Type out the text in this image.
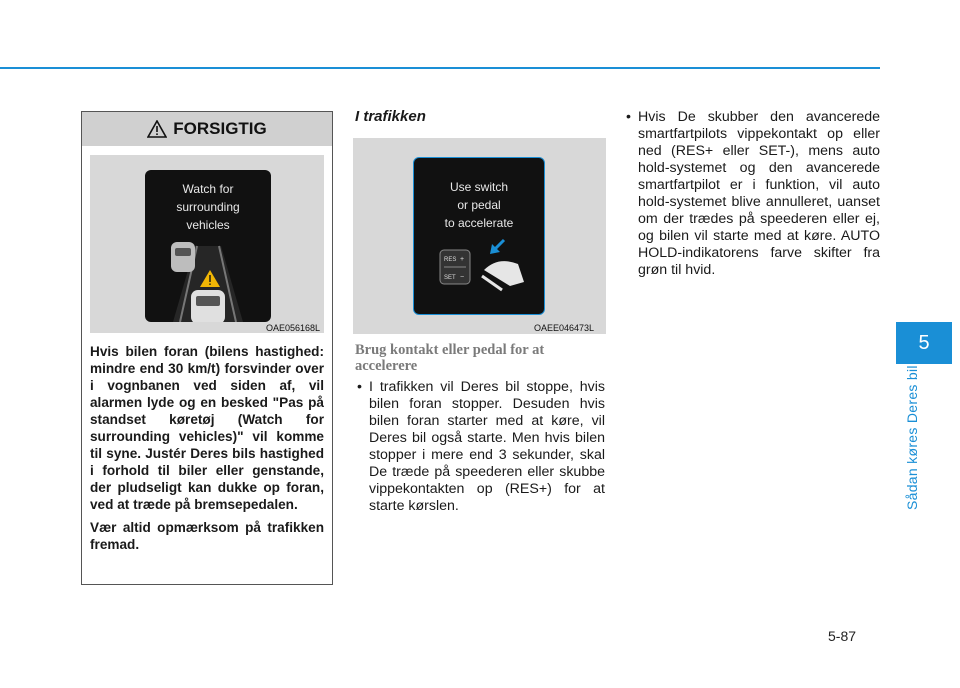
FORSIGTIG
Watch for
surrounding
vehicles
OAE056168L

Hvis bilen foran (bilens hastighed: mindre end 30 km/t) forsvinder over i vognbanen ved siden af, vil alarmen lyde og en besked "Pas på standset køretøj (Watch for surrounding vehicles)" vil komme til syne. Justér Deres bils hastighed i forhold til biler eller genstande, der pludseligt kan dukke op foran, ved at træde på bremsepedalen.

Vær altid opmærksom på trafikken fremad.

I trafikken
Use switch
or pedal
to accelerate
RES
SET
+
−
OAEE046473L
Brug kontakt eller pedal for at accelerere
• I trafikken vil Deres bil stoppe, hvis bilen foran stopper. Desuden hvis bilen foran starter med at køre, vil Deres bil også starte. Men hvis bilen stopper i mere end 3 sekunder, skal De træde på speederen eller skubbe vippekontakten op (RES+) for at starte kørslen.
• Hvis De skubber den avancerede smartfartpilots vippekontakt op eller ned (RES+ eller SET-), mens auto hold-systemet og den avancerede smartfartpilot er i funktion, vil auto hold-systemet blive annulleret, uanset om der trædes på speederen eller ej, og bilen vil starte med at køre. AUTO HOLD-indikatorens farve skifter fra grøn til hvid.
5
Sådan køres Deres bil
5-87
